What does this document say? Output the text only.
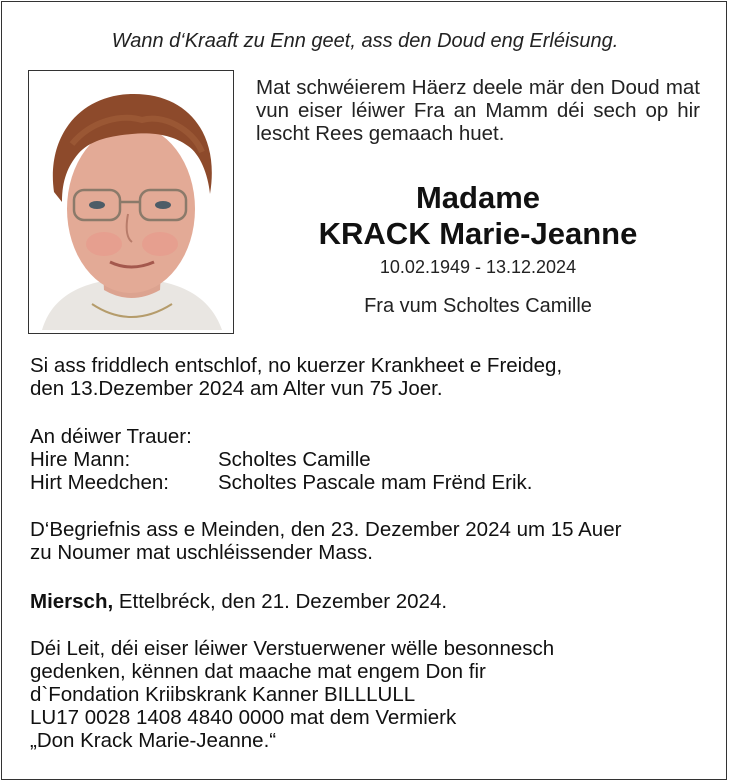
Wann d‘Kraaft zu Enn geet, ass den Doud eng Erléisung.
Mat schwéierem Häerz deele mär den Doud mat vun eiser léiwer Fra an Mamm déi sech op hir lescht Rees gemaach huet.
Madame
KRACK Marie-Jeanne
10.02.1949 - 13.12.2024
Fra vum Scholtes Camille
Si ass friddlech entschlof, no kuerzer Krankheet e Freideg,
den 13.Dezember 2024 am Alter vun 75 Joer.
An déiwer Trauer:
Hire Mann:	Scholtes Camille
Hirt Meedchen:	Scholtes Pascale mam Frënd Erik.
D‘Begriefnis ass e Meinden, den 23. Dezember 2024 um 15 Auer
zu Noumer mat uschléissender Mass.
Miersch, Ettelbréck, den 21. Dezember 2024.
Déi Leit, déi eiser léiwer Verstuerwener wëlle besonnesch
gedenken, kënnen dat maache mat engem Don fir
d`Fondation Kriibskrank Kanner BILLLULL
LU17 0028 1408 4840 0000 mat dem Vermierk
„Don Krack Marie-Jeanne.“
